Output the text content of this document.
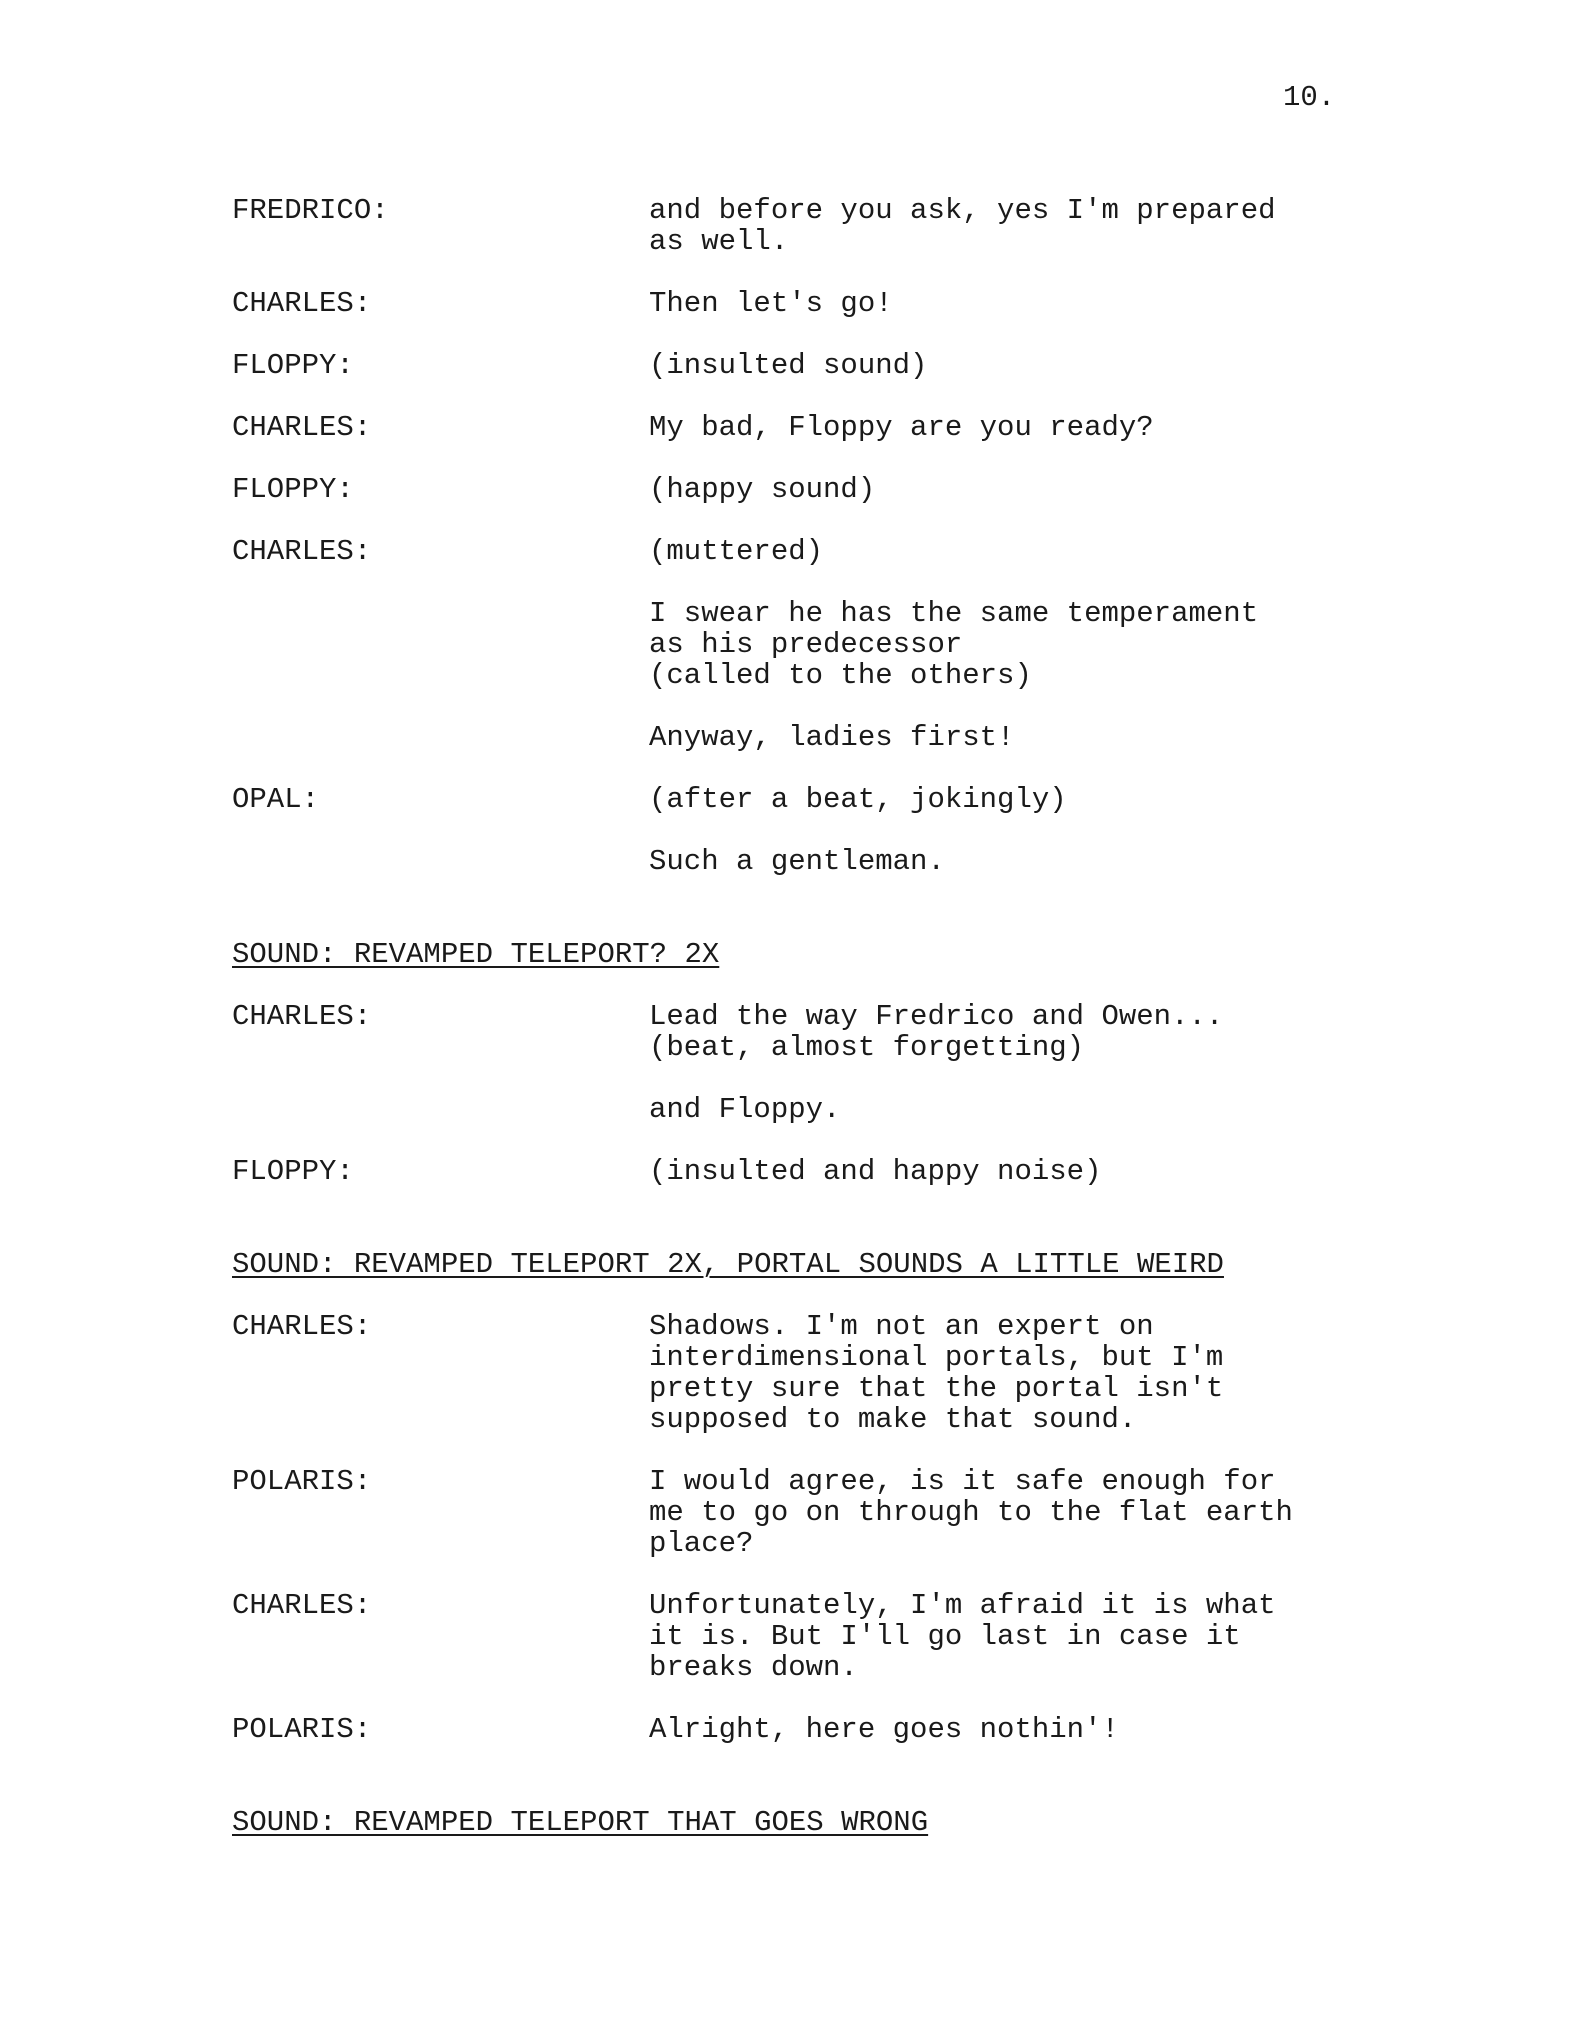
10.
FREDRICO:	and before you ask, yes I'm prepared
as well.
CHARLES:	Then let's go!
FLOPPY:	(insulted sound)
CHARLES:	My bad, Floppy are you ready?
FLOPPY:	(happy sound)
CHARLES:	(muttered)
I swear he has the same temperament
as his predecessor
(called to the others)
Anyway, ladies first!
OPAL:	(after a beat, jokingly)
Such a gentleman.
SOUND: REVAMPED TELEPORT? 2X
CHARLES:	Lead the way Fredrico and Owen...
(beat, almost forgetting)
and Floppy.
FLOPPY:	(insulted and happy noise)
SOUND: REVAMPED TELEPORT 2X, PORTAL SOUNDS A LITTLE WEIRD
CHARLES:	Shadows. I'm not an expert on
interdimensional portals, but I'm
pretty sure that the portal isn't
supposed to make that sound.
POLARIS:	I would agree, is it safe enough for
me to go on through to the flat earth
place?
CHARLES:	Unfortunately, I'm afraid it is what
it is. But I'll go last in case it
breaks down.
POLARIS:	Alright, here goes nothin'!
SOUND: REVAMPED TELEPORT THAT GOES WRONG
